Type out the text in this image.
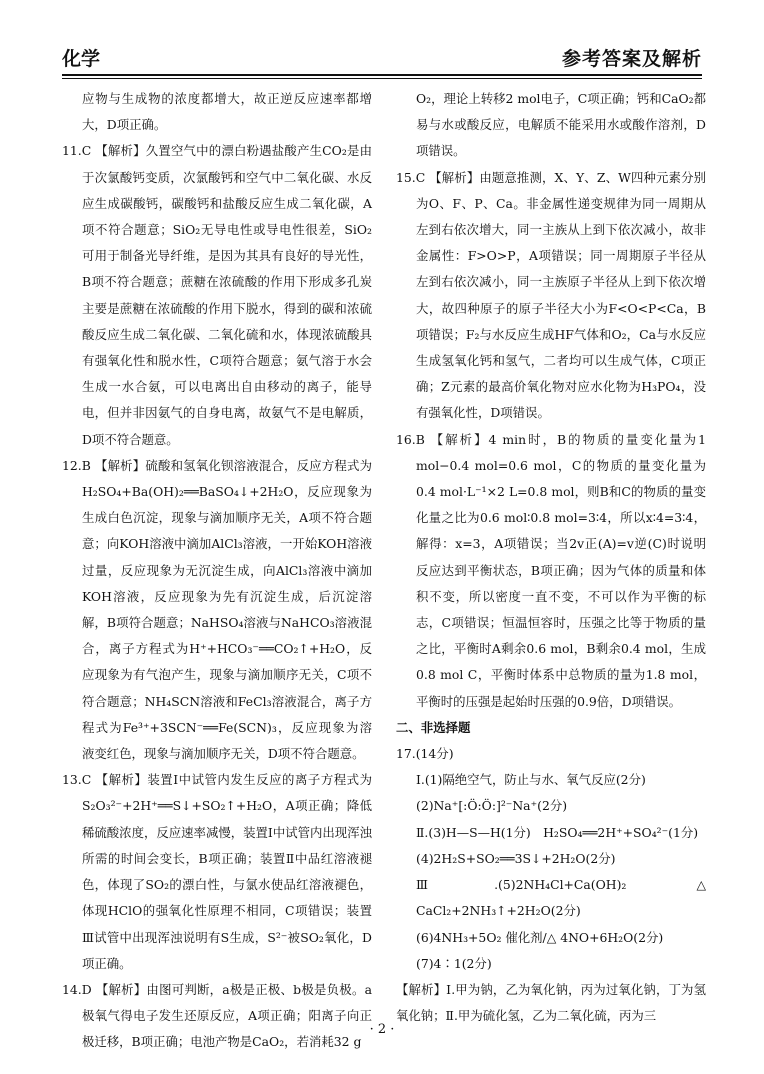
化学	参考答案及解析

应物与生成物的浓度都增大，故正逆反应速率都增大，D项正确。

11.C 【解析】久置空气中的漂白粉遇盐酸产生CO₂是由于次氯酸钙变质，次氯酸钙和空气中二氧化碳、水反应生成碳酸钙，碳酸钙和盐酸反应生成二氧化碳，A项不符合题意；SiO₂无导电性或导电性很差，SiO₂可用于制备光导纤维，是因为其具有良好的导光性，B项不符合题意；蔗糖在浓硫酸的作用下形成多孔炭主要是蔗糖在浓硫酸的作用下脱水，得到的碳和浓硫酸反应生成二氧化碳、二氧化硫和水，体现浓硫酸具有强氧化性和脱水性，C项符合题意；氨气溶于水会生成一水合氨，可以电离出自由移动的离子，能导电，但并非因氨气的自身电离，故氨气不是电解质，D项不符合题意。

12.B 【解析】硫酸和氢氧化钡溶液混合，反应方程式为H₂SO₄+Ba(OH)₂══BaSO₄↓+2H₂O，反应现象为生成白色沉淀，现象与滴加顺序无关，A项不符合题意；向KOH溶液中滴加AlCl₃溶液，一开始KOH溶液过量，反应现象为无沉淀生成，向AlCl₃溶液中滴加KOH溶液，反应现象为先有沉淀生成，后沉淀溶解，B项符合题意；NaHSO₄溶液与NaHCO₃溶液混合，离子方程式为H⁺+HCO₃⁻══CO₂↑+H₂O，反应现象为有气泡产生，现象与滴加顺序无关，C项不符合题意；NH₄SCN溶液和FeCl₃溶液混合，离子方程式为Fe³⁺+3SCN⁻══Fe(SCN)₃，反应现象为溶液变红色，现象与滴加顺序无关，D项不符合题意。

13.C 【解析】装置Ⅰ中试管内发生反应的离子方程式为S₂O₃²⁻+2H⁺══S↓+SO₂↑+H₂O，A项正确；降低稀硫酸浓度，反应速率减慢，装置Ⅰ中试管内出现浑浊所需的时间会变长，B项正确；装置Ⅱ中品红溶液褪色，体现了SO₂的漂白性，与氯水使品红溶液褪色，体现HClO的强氧化性原理不相同，C项错误；装置Ⅲ试管中出现浑浊说明有S生成，S²⁻被SO₂氧化，D项正确。

14.D 【解析】由图可判断，a极是正极、b极是负极。a极氧气得电子发生还原反应，A项正确；阳离子向正极迁移，B项正确；电池产物是CaO₂，若消耗32 g

O₂，理论上转移2 mol电子，C项正确；钙和CaO₂都易与水或酸反应，电解质不能采用水或酸作溶剂，D项错误。

15.C 【解析】由题意推测，X、Y、Z、W四种元素分别为O、F、P、Ca。非金属性递变规律为同一周期从左到右依次增大，同一主族从上到下依次减小，故非金属性：F>O>P，A项错误；同一周期原子半径从左到右依次减小，同一主族原子半径从上到下依次增大，故四种原子的原子半径大小为F<O<P<Ca，B项错误；F₂与水反应生成HF气体和O₂，Ca与水反应生成氢氧化钙和氢气，二者均可以生成气体，C项正确；Z元素的最高价氧化物对应水化物为H₃PO₄，没有强氧化性，D项错误。

16.B 【解析】4 min时，B的物质的量变化量为1 mol−0.4 mol=0.6 mol，C的物质的量变化量为0.4 mol·L⁻¹×2 L=0.8 mol，则B和C的物质的量变化量之比为0.6 mol∶0.8 mol=3∶4，所以x∶4=3∶4，解得：x=3，A项错误；当2v正(A)=v逆(C)时说明反应达到平衡状态，B项正确；因为气体的质量和体积不变，所以密度一直不变，不可以作为平衡的标志，C项错误；恒温恒容时，压强之比等于物质的量之比，平衡时A剩余0.6 mol，B剩余0.4 mol，生成0.8 mol C，平衡时体系中总物质的量为1.8 mol，平衡时的压强是起始时压强的0.9倍，D项错误。

二、非选择题

17.(14分)

Ⅰ.(1)隔绝空气，防止与水、氧气反应(2分)

(2)Na⁺[:Ö:Ö:]²⁻Na⁺(2分)

Ⅱ.(3)H—S—H(1分)　H₂SO₄══2H⁺+SO₄²⁻(1分)

(4)2H₂S+SO₂══3S↓+2H₂O(2分)

Ⅲ.(5)2NH₄Cl+Ca(OH)₂ △ CaCl₂+2NH₃↑+2H₂O(2分)

(6)4NH₃+5O₂ 催化剂/△ 4NO+6H₂O(2分)

(7)4∶1(2分)

【解析】Ⅰ.甲为钠，乙为氧化钠，丙为过氧化钠，丁为氢氧化钠；Ⅱ.甲为硫化氢，乙为二氧化硫，丙为三

· 2 ·
